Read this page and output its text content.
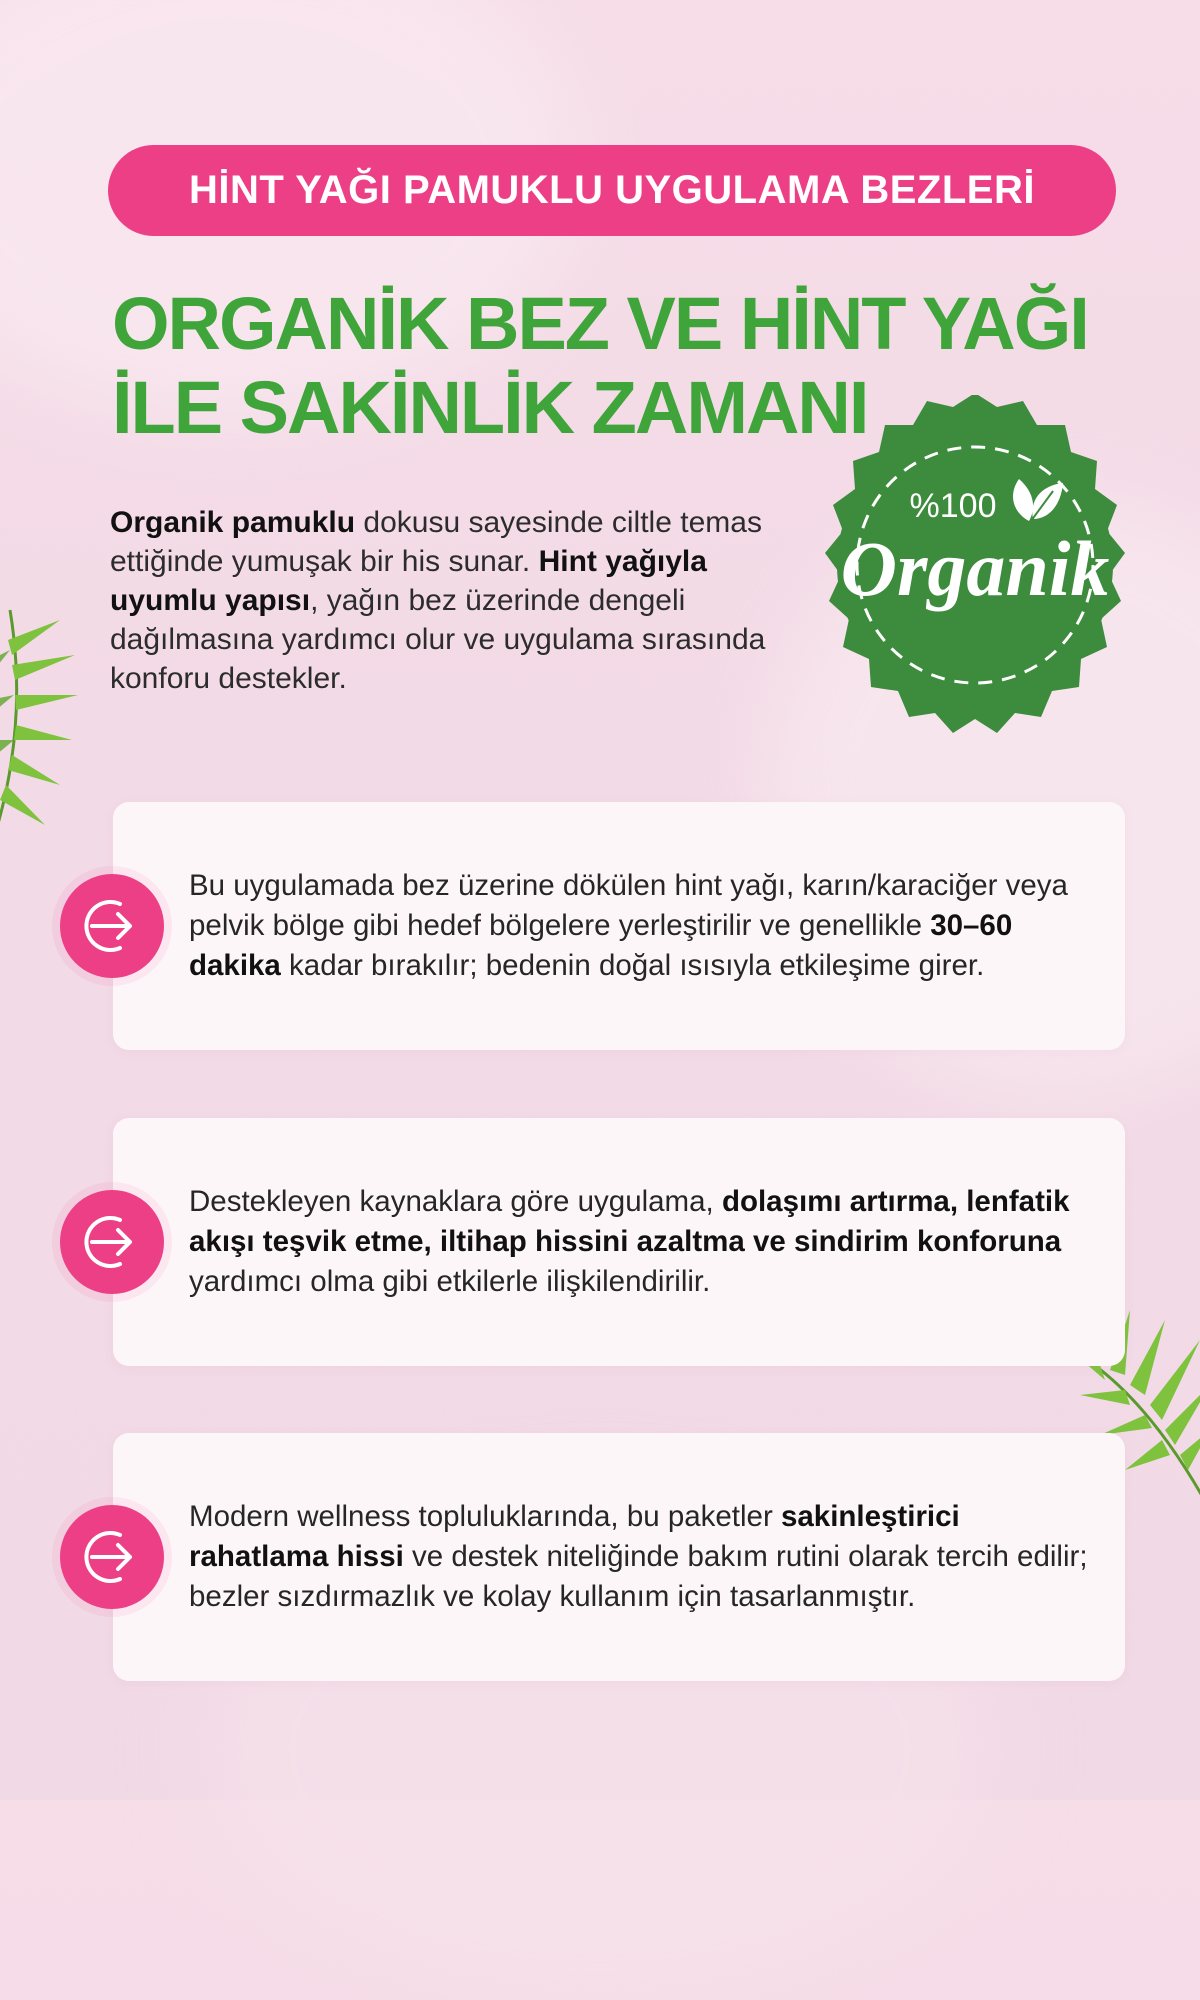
HİNT YAĞI PAMUKLU UYGULAMA BEZLERİ
ORGANİK BEZ VE HİNT YAĞI
İLE SAKİNLİK ZAMANI
Organik pamuklu dokusu sayesinde ciltle temas ettiğinde yumuşak bir his sunar. Hint yağıyla uyumlu yapısı, yağın bez üzerinde dengeli dağılmasına yardımcı olur ve uygulama sırasında konforu destekler.
%100
Organik
Bu uygulamada bez üzerine dökülen hint yağı, karın/karaciğer veya pelvik bölge gibi hedef bölgelere yerleştirilir ve genellikle 30–60 dakika kadar bırakılır; bedenin doğal ısısıyla etkileşime girer.
Destekleyen kaynaklara göre uygulama, dolaşımı artırma, lenfatik akışı teşvik etme, iltihap hissini azaltma ve sindirim konforuna yardımcı olma gibi etkilerle ilişkilendirilir.
Modern wellness topluluklarında, bu paketler sakinleştirici rahatlama hissi ve destek niteliğinde bakım rutini olarak tercih edilir; bezler sızdırmazlık ve kolay kullanım için tasarlanmıştır.
